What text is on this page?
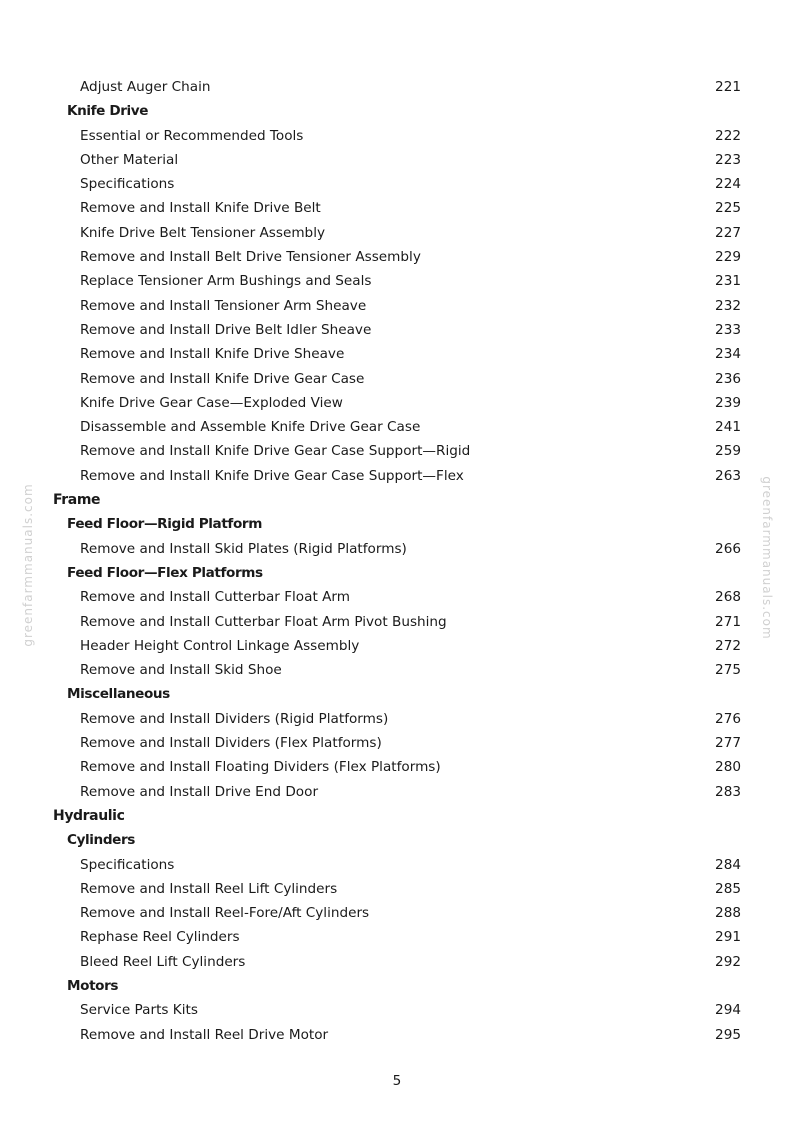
Adjust Auger Chain	221
Knife Drive
Essential or Recommended Tools	222
Other Material	223
Specifications	224
Remove and Install Knife Drive Belt	225
Knife Drive Belt Tensioner Assembly	227
Remove and Install Belt Drive Tensioner Assembly	229
Replace Tensioner Arm Bushings and Seals	231
Remove and Install Tensioner Arm Sheave	232
Remove and Install Drive Belt Idler Sheave	233
Remove and Install Knife Drive Sheave	234
Remove and Install Knife Drive Gear Case	236
Knife Drive Gear Case—Exploded View	239
Disassemble and Assemble Knife Drive Gear Case	241
Remove and Install Knife Drive Gear Case Support—Rigid	259
Remove and Install Knife Drive Gear Case Support—Flex	263
Frame
Feed Floor—Rigid Platform
Remove and Install Skid Plates (Rigid Platforms)	266
Feed Floor—Flex Platforms
Remove and Install Cutterbar Float Arm	268
Remove and Install Cutterbar Float Arm Pivot Bushing	271
Header Height Control Linkage Assembly	272
Remove and Install Skid Shoe	275
Miscellaneous
Remove and Install Dividers (Rigid Platforms)	276
Remove and Install Dividers (Flex Platforms)	277
Remove and Install Floating Dividers (Flex Platforms)	280
Remove and Install Drive End Door	283
Hydraulic
Cylinders
Specifications	284
Remove and Install Reel Lift Cylinders	285
Remove and Install Reel-Fore/Aft Cylinders	288
Rephase Reel Cylinders	291
Bleed Reel Lift Cylinders	292
Motors
Service Parts Kits	294
Remove and Install Reel Drive Motor	295
5
greenfarmmanuals.com	greenfarmmanuals.com
